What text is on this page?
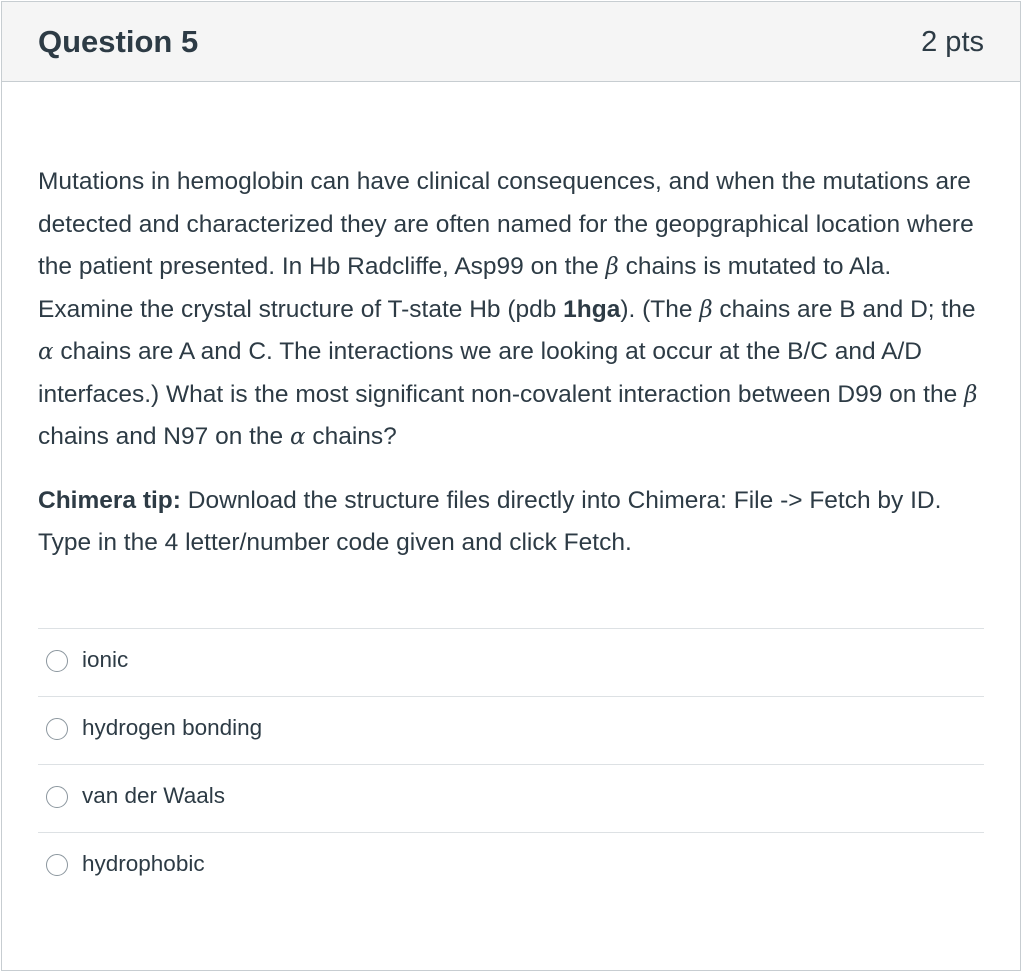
Question 5	2 pts

Mutations in hemoglobin can have clinical consequences, and when the mutations are detected and characterized they are often named for the geopgraphical location where the patient presented. In Hb Radcliffe, Asp99 on the β chains is mutated to Ala. Examine the crystal structure of T-state Hb (pdb 1hga). (The β chains are B and D; the α chains are A and C. The interactions we are looking at occur at the B/C and A/D interfaces.) What is the most significant non-covalent interaction between D99 on the β chains and N97 on the α chains?

Chimera tip: Download the structure files directly into Chimera: File -> Fetch by ID. Type in the 4 letter/number code given and click Fetch.

ionic
hydrogen bonding
van der Waals
hydrophobic
